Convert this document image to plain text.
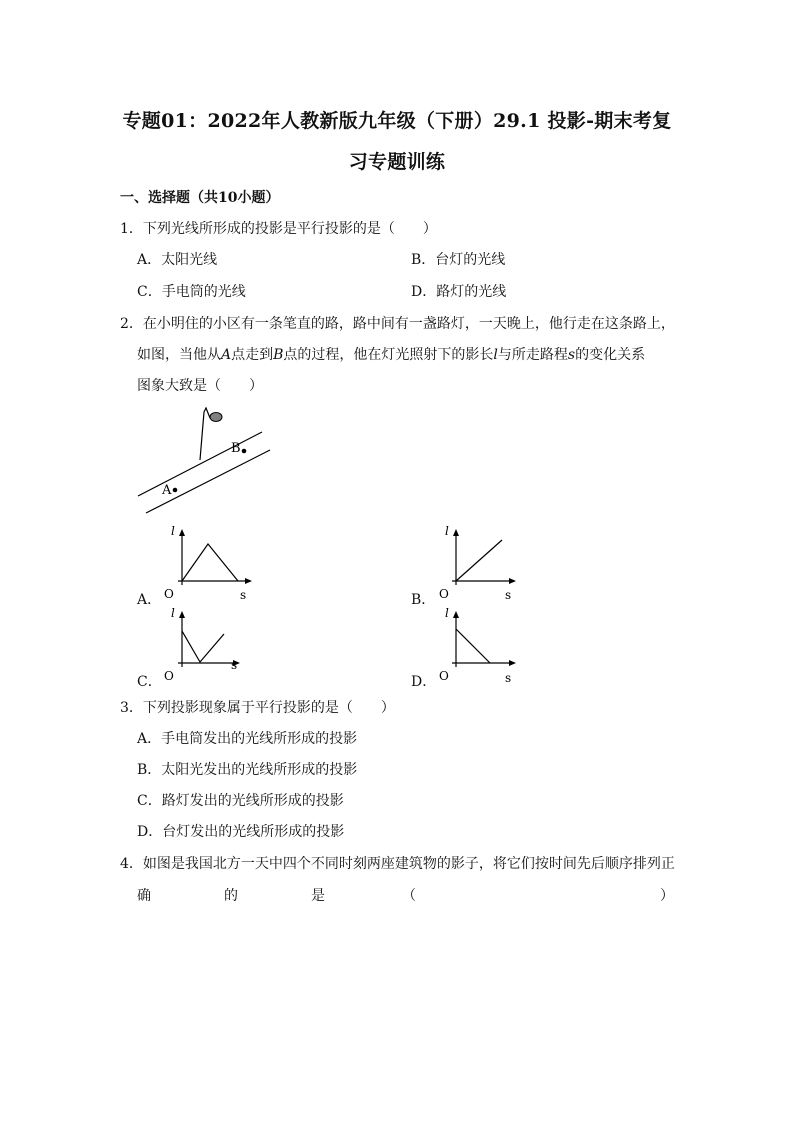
专题01：2022年人教新版九年级（下册）29.1 投影-期末考复
习专题训练
一、选择题（共10小题）
1．下列光线所形成的投影是平行投影的是（　　）
A．太阳光线	B．台灯的光线
C．手电筒的光线	D．路灯的光线
2．在小明住的小区有一条笔直的路，路中间有一盏路灯，一天晚上，他行走在这条路上，
如图，当他从A点走到B点的过程，他在灯光照射下的影长l与所走路程s的变化关系
图象大致是（　　）
A
B
A．
l
s
O	B．
l
s
O
C．
l
s
O	D．
l
s
O
3．下列投影现象属于平行投影的是（　　）
A．手电筒发出的光线所形成的投影
B．太阳光发出的光线所形成的投影
C．路灯发出的光线所形成的投影
D．台灯发出的光线所形成的投影
4．如图是我国北方一天中四个不同时刻两座建筑物的影子，将它们按时间先后顺序排列正
确	的	是	（	）
